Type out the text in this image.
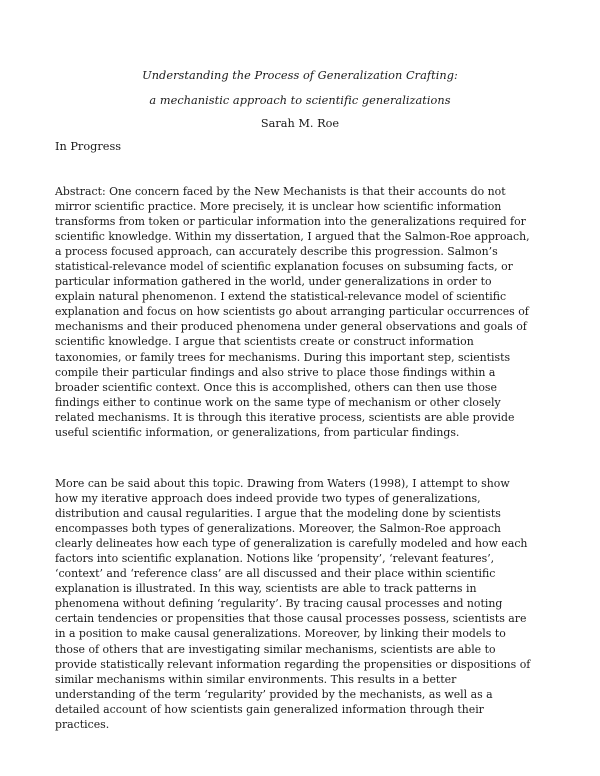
Understanding the Process of Generalization Crafting:
a mechanistic approach to scientific generalizations
Sarah M. Roe
In Progress
Abstract: One concern faced by the New Mechanists is that their accounts do not
mirror scientific practice. More precisely, it is unclear how scientific information
transforms from token or particular information into the generalizations required for
scientific knowledge. Within my dissertation, I argued that the Salmon-Roe approach,
a process focused approach, can accurately describe this progression. Salmon’s
statistical-relevance model of scientific explanation focuses on subsuming facts, or
particular information gathered in the world, under generalizations in order to
explain natural phenomenon. I extend the statistical-relevance model of scientific
explanation and focus on how scientists go about arranging particular occurrences of
mechanisms and their produced phenomena under general observations and goals of
scientific knowledge. I argue that scientists create or construct information
taxonomies, or family trees for mechanisms. During this important step, scientists
compile their particular findings and also strive to place those findings within a
broader scientific context. Once this is accomplished, others can then use those
findings either to continue work on the same type of mechanism or other closely
related mechanisms. It is through this iterative process, scientists are able provide
useful scientific information, or generalizations, from particular findings.
More can be said about this topic. Drawing from Waters (1998), I attempt to show
how my iterative approach does indeed provide two types of generalizations,
distribution and causal regularities. I argue that the modeling done by scientists
encompasses both types of generalizations. Moreover, the Salmon-Roe approach
clearly delineates how each type of generalization is carefully modeled and how each
factors into scientific explanation. Notions like ‘propensity’, ‘relevant features’,
‘context’ and ‘reference class’ are all discussed and their place within scientific
explanation is illustrated. In this way, scientists are able to track patterns in
phenomena without defining ‘regularity’. By tracing causal processes and noting
certain tendencies or propensities that those causal processes possess, scientists are
in a position to make causal generalizations. Moreover, by linking their models to
those of others that are investigating similar mechanisms, scientists are able to
provide statistically relevant information regarding the propensities or dispositions of
similar mechanisms within similar environments. This results in a better
understanding of the term ‘regularity’ provided by the mechanists, as well as a
detailed account of how scientists gain generalized information through their
practices.
